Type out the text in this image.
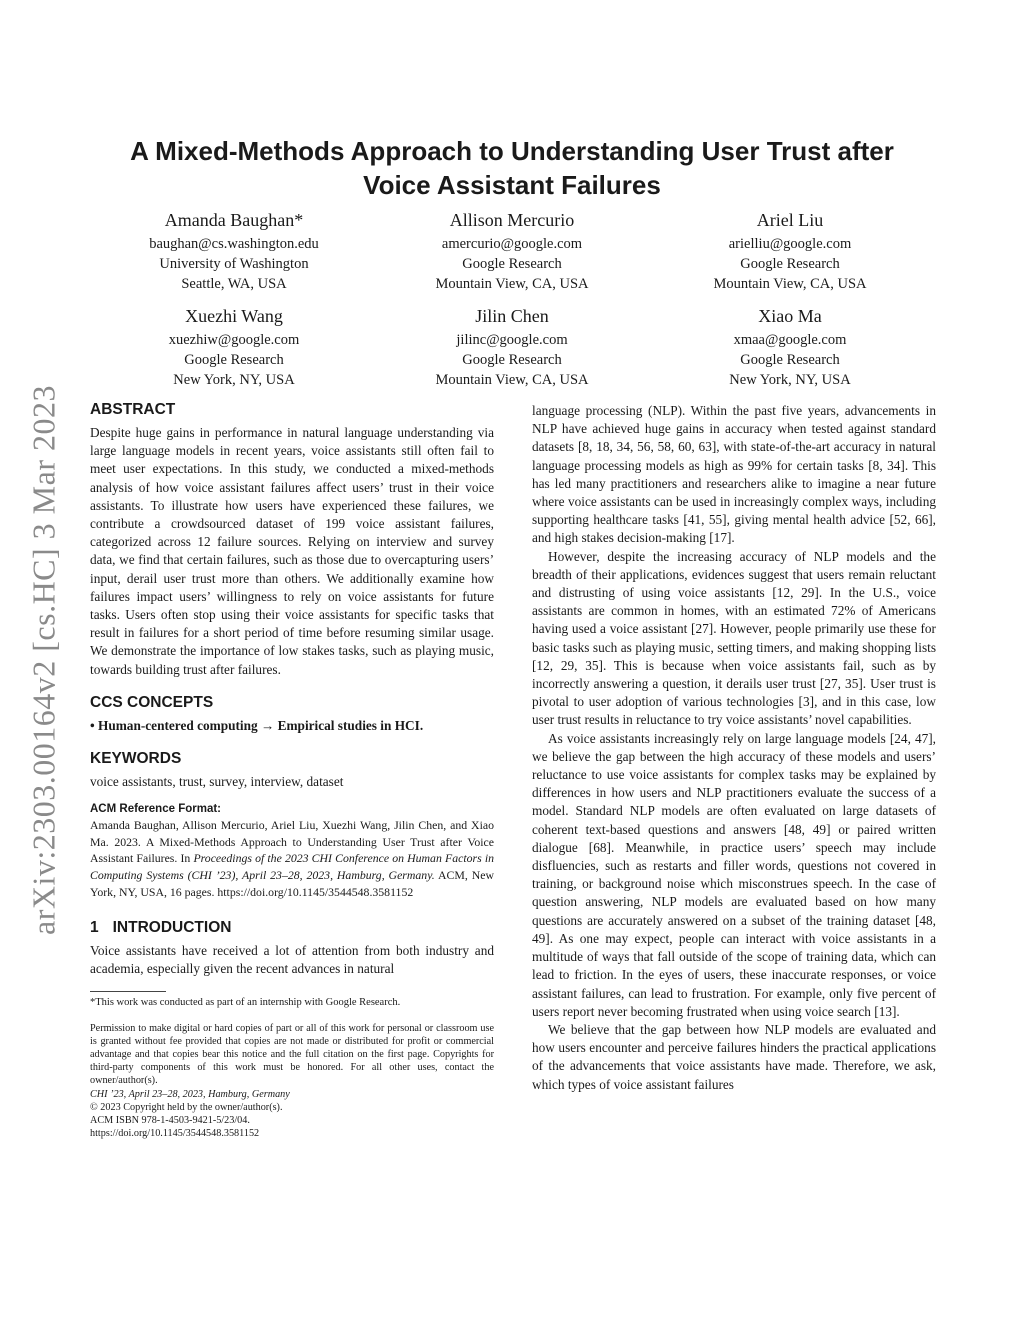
arXiv:2303.00164v2 [cs.HC] 3 Mar 2023
A Mixed-Methods Approach to Understanding User Trust after
Voice Assistant Failures
Amanda Baughan*
baughan@cs.washington.edu
University of Washington
Seattle, WA, USA
Allison Mercurio
amercurio@google.com
Google Research
Mountain View, CA, USA
Ariel Liu
arielliu@google.com
Google Research
Mountain View, CA, USA
Xuezhi Wang
xuezhiw@google.com
Google Research
New York, NY, USA
Jilin Chen
jilinc@google.com
Google Research
Mountain View, CA, USA
Xiao Ma
xmaa@google.com
Google Research
New York, NY, USA
ABSTRACT

Despite huge gains in performance in natural language understanding via large language models in recent years, voice assistants still often fail to meet user expectations. In this study, we conducted a mixed-methods analysis of how voice assistant failures affect users’ trust in their voice assistants. To illustrate how users have experienced these failures, we contribute a crowdsourced dataset of 199 voice assistant failures, categorized across 12 failure sources. Relying on interview and survey data, we find that certain failures, such as those due to overcapturing users’ input, derail user trust more than others. We additionally examine how failures impact users’ willingness to rely on voice assistants for future tasks. Users often stop using their voice assistants for specific tasks that result in failures for a short period of time before resuming similar usage. We demonstrate the importance of low stakes tasks, such as playing music, towards building trust after failures.

CCS CONCEPTS

• Human-centered computing → Empirical studies in HCI.

KEYWORDS

voice assistants, trust, survey, interview, dataset

ACM Reference Format:

Amanda Baughan, Allison Mercurio, Ariel Liu, Xuezhi Wang, Jilin Chen, and Xiao Ma. 2023. A Mixed-Methods Approach to Understanding User Trust after Voice Assistant Failures. In Proceedings of the 2023 CHI Conference on Human Factors in Computing Systems (CHI ’23), April 23–28, 2023, Hamburg, Germany. ACM, New York, NY, USA, 16 pages. https://doi.org/10.1145/3544548.3581152

1 INTRODUCTION

Voice assistants have received a lot of attention from both industry and academia, especially given the recent advances in natural

*This work was conducted as part of an internship with Google Research.
Permission to make digital or hard copies of part or all of this work for personal or classroom use is granted without fee provided that copies are not made or distributed for profit or commercial advantage and that copies bear this notice and the full citation on the first page. Copyrights for third-party components of this work must be honored. For all other uses, contact the owner/author(s).
CHI ’23, April 23–28, 2023, Hamburg, Germany
© 2023 Copyright held by the owner/author(s).
ACM ISBN 978-1-4503-9421-5/23/04.
https://doi.org/10.1145/3544548.3581152

language processing (NLP). Within the past five years, advancements in NLP have achieved huge gains in accuracy when tested against standard datasets [8, 18, 34, 56, 58, 60, 63], with state-of-the-art accuracy in natural language processing models as high as 99% for certain tasks [8, 34]. This has led many practitioners and researchers alike to imagine a near future where voice assistants can be used in increasingly complex ways, including supporting healthcare tasks [41, 55], giving mental health advice [52, 66], and high stakes decision-making [17].

However, despite the increasing accuracy of NLP models and the breadth of their applications, evidences suggest that users remain reluctant and distrusting of using voice assistants [12, 29]. In the U.S., voice assistants are common in homes, with an estimated 72% of Americans having used a voice assistant [27]. However, people primarily use these for basic tasks such as playing music, setting timers, and making shopping lists [12, 29, 35]. This is because when voice assistants fail, such as by incorrectly answering a question, it derails user trust [27, 35]. User trust is pivotal to user adoption of various technologies [3], and in this case, low user trust results in reluctance to try voice assistants’ novel capabilities.

As voice assistants increasingly rely on large language models [24, 47], we believe the gap between the high accuracy of these models and users’ reluctance to use voice assistants for complex tasks may be explained by differences in how users and NLP practitioners evaluate the success of a model. Standard NLP models are often evaluated on large datasets of coherent text-based questions and answers [48, 49] or paired written dialogue [68]. Meanwhile, in practice users’ speech may include disfluencies, such as restarts and filler words, questions not covered in training, or background noise which misconstrues speech. In the case of question answering, NLP models are evaluated based on how many questions are accurately answered on a subset of the training dataset [48, 49]. As one may expect, people can interact with voice assistants in a multitude of ways that fall outside of the scope of training data, which can lead to friction. In the eyes of users, these inaccurate responses, or voice assistant failures, can lead to frustration. For example, only five percent of users report never becoming frustrated when using voice search [13].

We believe that the gap between how NLP models are evaluated and how users encounter and perceive failures hinders the practical applications of the advancements that voice assistants have made. Therefore, we ask, which types of voice assistant failures
